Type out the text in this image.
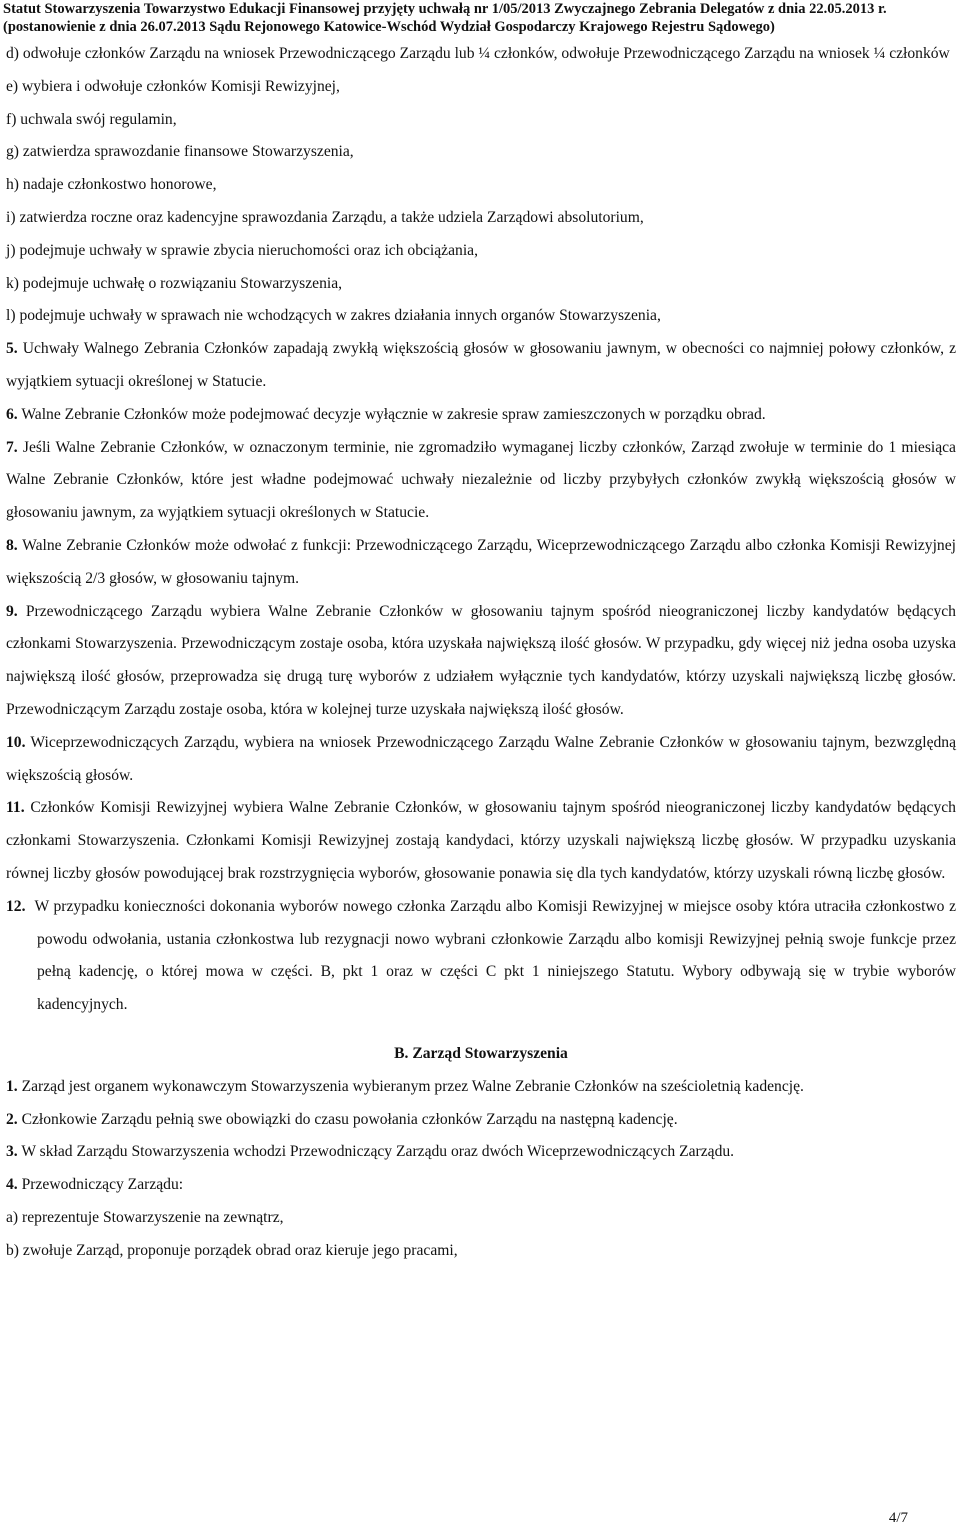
Statut Stowarzyszenia Towarzystwo Edukacji Finansowej przyjęty uchwałą nr 1/05/2013 Zwyczajnego Zebrania Delegatów z dnia 22.05.2013 r.
(postanowienie z dnia 26.07.2013 Sądu Rejonowego Katowice-Wschód Wydział Gospodarczy Krajowego Rejestru Sądowego)

d) odwołuje członków Zarządu na wniosek Przewodniczącego Zarządu lub ¼ członków, odwołuje Przewodniczącego Zarządu na wniosek ¼ członków

e) wybiera i odwołuje członków Komisji Rewizyjnej,

f) uchwala swój regulamin,

g) zatwierdza sprawozdanie finansowe Stowarzyszenia,

h) nadaje członkostwo honorowe,

i) zatwierdza roczne oraz kadencyjne sprawozdania Zarządu, a także udziela Zarządowi absolutorium,

j) podejmuje uchwały w sprawie zbycia nieruchomości oraz ich obciążania,

k) podejmuje uchwałę o rozwiązaniu Stowarzyszenia,

l) podejmuje uchwały w sprawach nie wchodzących w zakres działania innych organów Stowarzyszenia,

5. Uchwały Walnego Zebrania Członków zapadają zwykłą większością głosów w głosowaniu jawnym, w obecności co najmniej połowy członków, z wyjątkiem sytuacji określonej w Statucie.

6. Walne Zebranie Członków może podejmować decyzje wyłącznie w zakresie spraw zamieszczonych w porządku obrad.

7. Jeśli Walne Zebranie Członków, w oznaczonym terminie, nie zgromadziło wymaganej liczby członków, Zarząd zwołuje w terminie do 1 miesiąca Walne Zebranie Członków, które jest władne podejmować uchwały niezależnie od liczby przybyłych członków zwykłą większością głosów w głosowaniu jawnym, za wyjątkiem sytuacji określonych w Statucie.

8. Walne Zebranie Członków może odwołać z funkcji: Przewodniczącego Zarządu, Wiceprzewodniczącego Zarządu albo członka Komisji Rewizyjnej większością 2/3 głosów, w głosowaniu tajnym.

9. Przewodniczącego Zarządu wybiera Walne Zebranie Członków w głosowaniu tajnym spośród nieograniczonej liczby kandydatów będących członkami Stowarzyszenia. Przewodniczącym zostaje osoba, która uzyskała największą ilość głosów. W przypadku, gdy więcej niż jedna osoba uzyska największą ilość głosów, przeprowadza się drugą turę wyborów z udziałem wyłącznie tych kandydatów, którzy uzyskali największą liczbę głosów. Przewodniczącym Zarządu zostaje osoba, która w kolejnej turze uzyskała największą ilość głosów.

10. Wiceprzewodniczących Zarządu, wybiera na wniosek Przewodniczącego Zarządu Walne Zebranie Członków w głosowaniu tajnym, bezwzględną większością głosów.

11. Członków Komisji Rewizyjnej wybiera Walne Zebranie Członków, w głosowaniu tajnym spośród nieograniczonej liczby kandydatów będących członkami Stowarzyszenia. Członkami Komisji Rewizyjnej zostają kandydaci, którzy uzyskali największą liczbę głosów. W przypadku uzyskania równej liczby głosów powodującej brak rozstrzygnięcia wyborów, głosowanie ponawia się dla tych kandydatów, którzy uzyskali równą liczbę głosów.

12. W przypadku konieczności dokonania wyborów nowego członka Zarządu albo Komisji Rewizyjnej w miejsce osoby która utraciła członkostwo z powodu odwołania, ustania członkostwa lub rezygnacji nowo wybrani członkowie Zarządu albo komisji Rewizyjnej pełnią swoje funkcje przez pełną kadencję, o której mowa w części. B, pkt 1 oraz w części C pkt 1 niniejszego Statutu. Wybory odbywają się w trybie wyborów kadencyjnych.

B. Zarząd Stowarzyszenia

1. Zarząd jest organem wykonawczym Stowarzyszenia wybieranym przez Walne Zebranie Członków na sześcioletnią kadencję.

2. Członkowie Zarządu pełnią swe obowiązki do czasu powołania członków Zarządu na następną kadencję.

3. W skład Zarządu Stowarzyszenia wchodzi Przewodniczący Zarządu oraz dwóch Wiceprzewodniczących Zarządu.

4. Przewodniczący Zarządu:

a) reprezentuje Stowarzyszenie na zewnątrz,

b) zwołuje Zarząd, proponuje porządek obrad oraz kieruje jego pracami,

4/7
